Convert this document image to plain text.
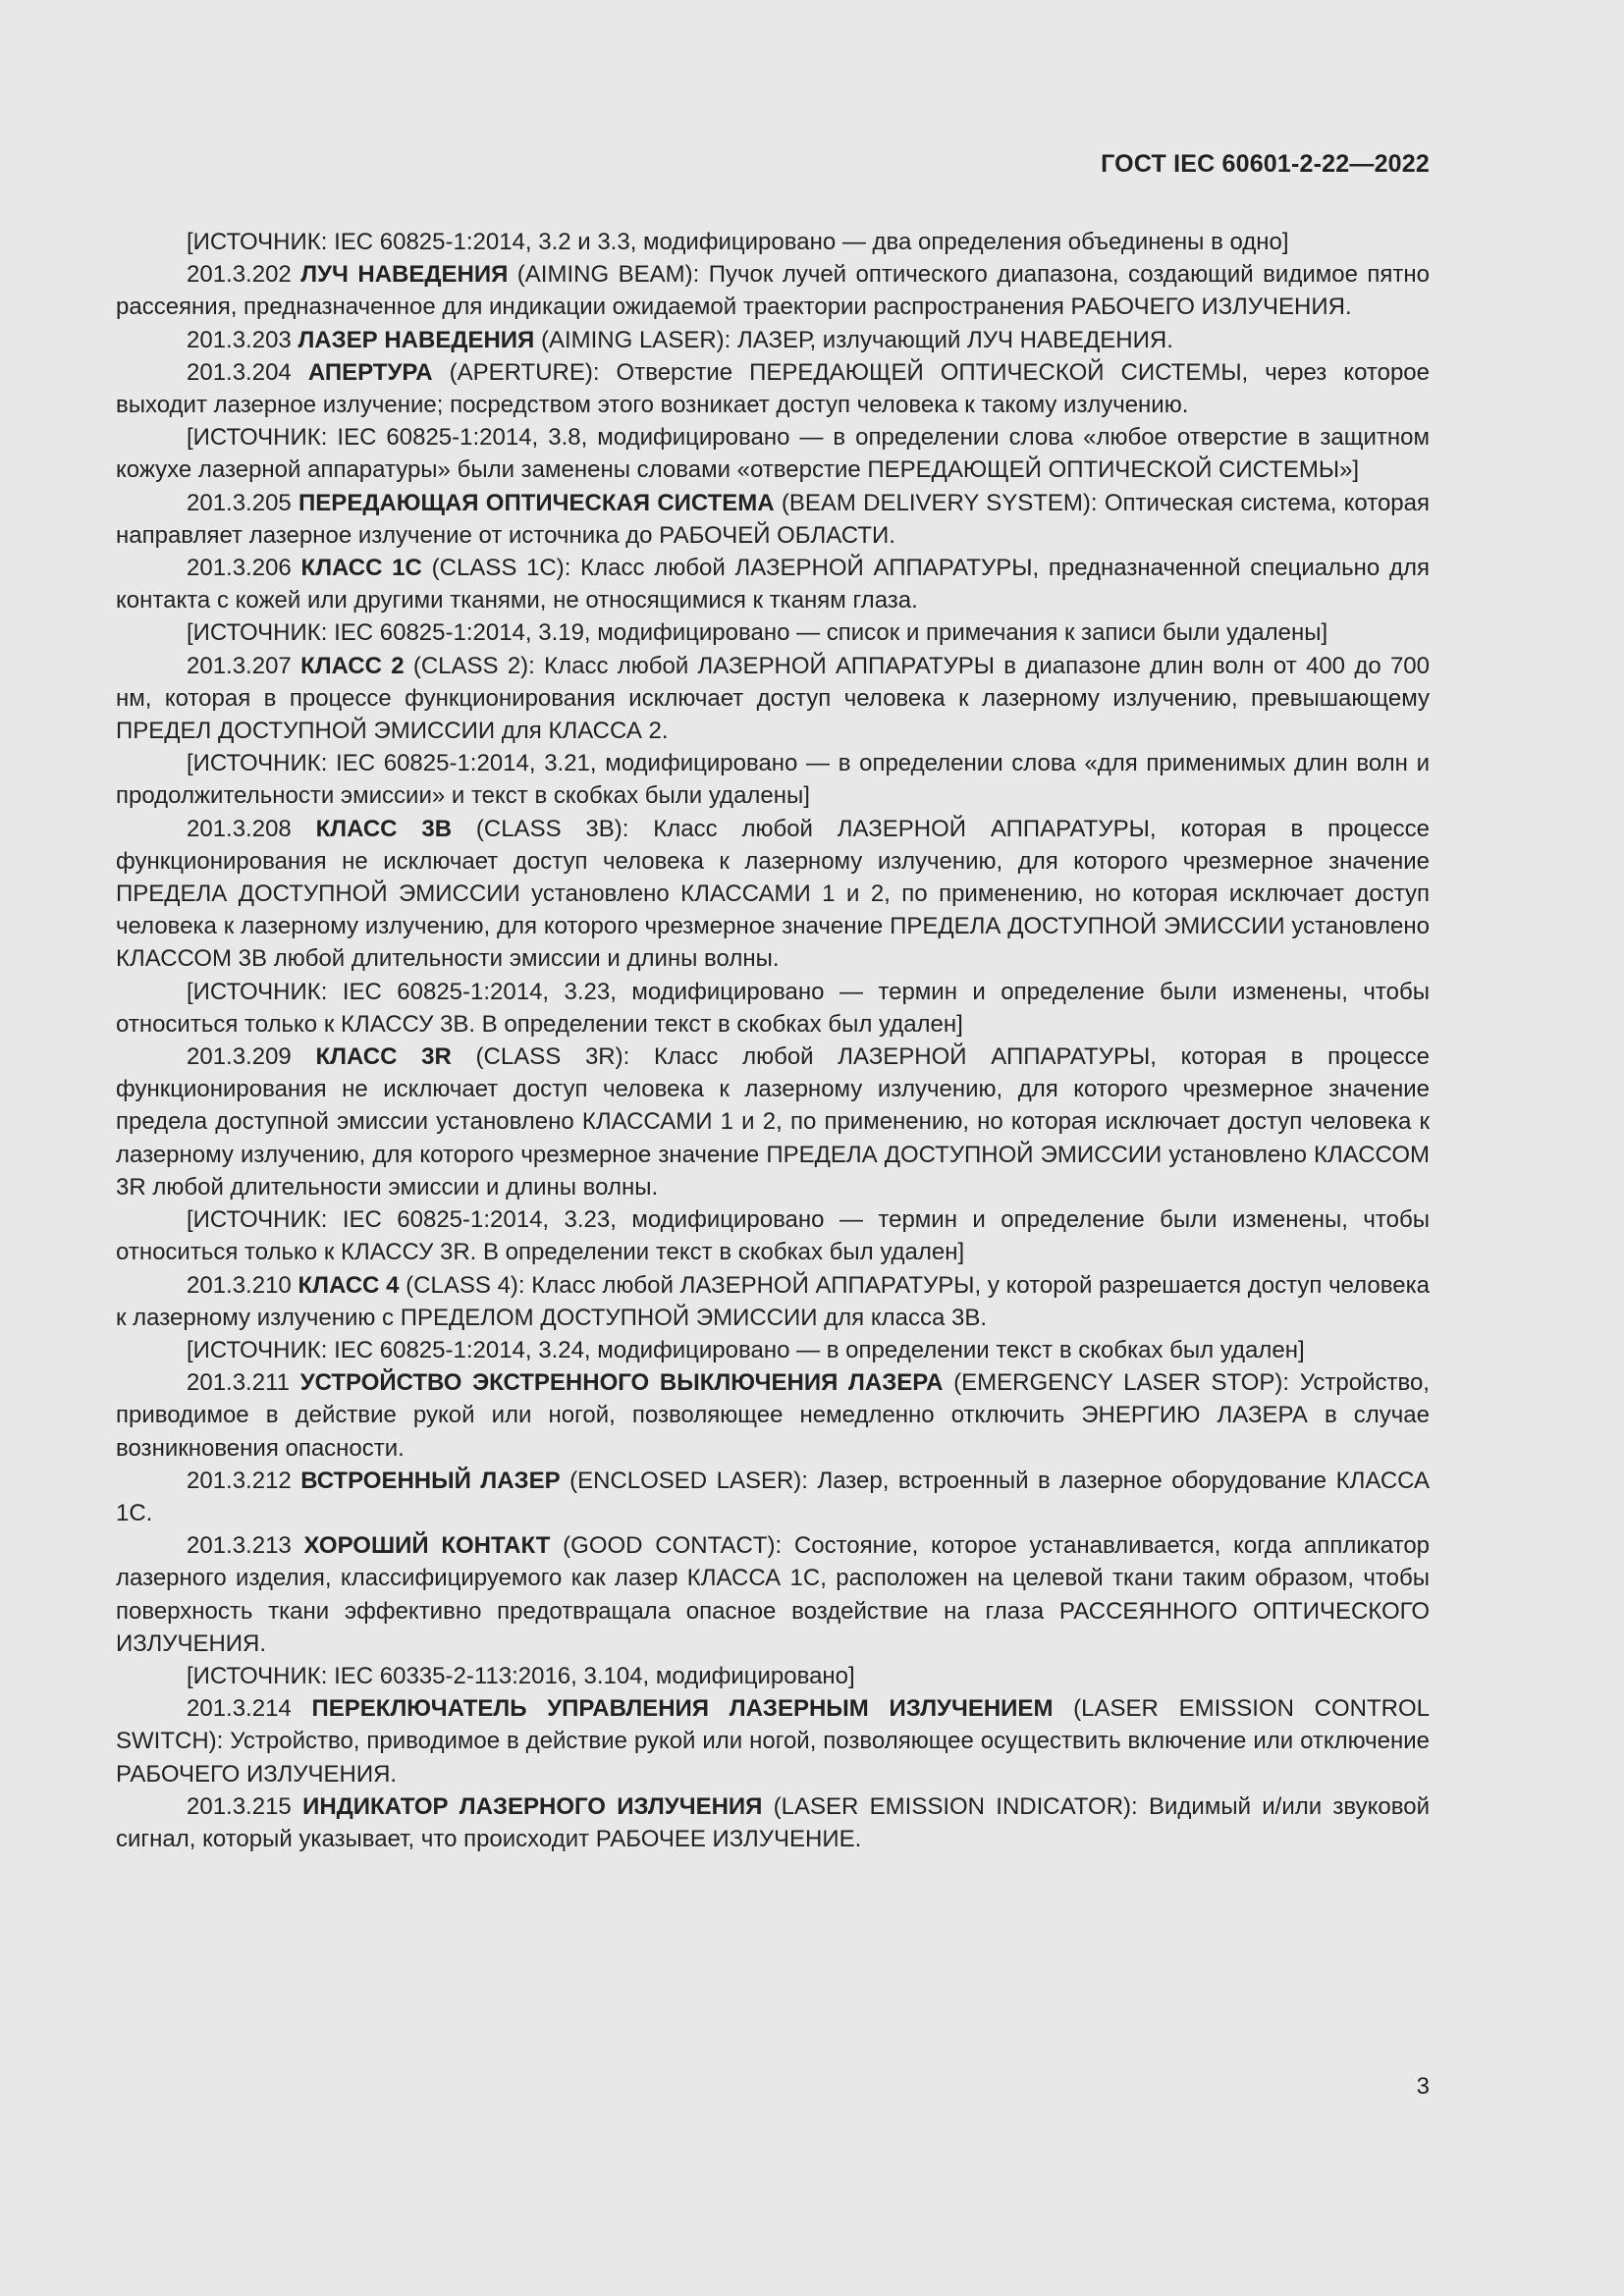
ГОСТ IEC 60601-2-22—2022

[ИСТОЧНИК: IEC 60825-1:2014, 3.2 и 3.3, модифицировано — два определения объединены в одно]

201.3.202 ЛУЧ НАВЕДЕНИЯ (AIMING BEAM): Пучок лучей оптического диапазона, создающий видимое пятно рассеяния, предназначенное для индикации ожидаемой траектории распространения РАБОЧЕГО ИЗЛУЧЕНИЯ.

201.3.203 ЛАЗЕР НАВЕДЕНИЯ (AIMING LASER): ЛАЗЕР, излучающий ЛУЧ НАВЕДЕНИЯ.

201.3.204 АПЕРТУРА (APERTURE): Отверстие ПЕРЕДАЮЩЕЙ ОПТИЧЕСКОЙ СИСТЕМЫ, через которое выходит лазерное излучение; посредством этого возникает доступ человека к такому излучению.

[ИСТОЧНИК: IEC 60825-1:2014, 3.8, модифицировано — в определении слова «любое отверстие в защитном кожухе лазерной аппаратуры» были заменены словами «отверстие ПЕРЕДАЮЩЕЙ ОПТИЧЕСКОЙ СИСТЕМЫ»]

201.3.205 ПЕРЕДАЮЩАЯ ОПТИЧЕСКАЯ СИСТЕМА (BEAM DELIVERY SYSTEM): Оптическая система, которая направляет лазерное излучение от источника до РАБОЧЕЙ ОБЛАСТИ.

201.3.206 КЛАСС 1C (CLASS 1C): Класс любой ЛАЗЕРНОЙ АППАРАТУРЫ, предназначенной специально для контакта с кожей или другими тканями, не относящимися к тканям глаза.

[ИСТОЧНИК: IEC 60825-1:2014, 3.19, модифицировано — список и примечания к записи были удалены]

201.3.207 КЛАСС 2 (CLASS 2): Класс любой ЛАЗЕРНОЙ АППАРАТУРЫ в диапазоне длин волн от 400 до 700 нм, которая в процессе функционирования исключает доступ человека к лазерному излучению, превышающему ПРЕДЕЛ ДОСТУПНОЙ ЭМИССИИ для КЛАССА 2.

[ИСТОЧНИК: IEC 60825-1:2014, 3.21, модифицировано — в определении слова «для применимых длин волн и продолжительности эмиссии» и текст в скобках были удалены]

201.3.208 КЛАСС 3В (CLASS 3B): Класс любой ЛАЗЕРНОЙ АППАРАТУРЫ, которая в процессе функционирования не исключает доступ человека к лазерному излучению, для которого чрезмерное значение ПРЕДЕЛА ДОСТУПНОЙ ЭМИССИИ установлено КЛАССАМИ 1 и 2, по применению, но которая исключает доступ человека к лазерному излучению, для которого чрезмерное значение ПРЕДЕЛА ДОСТУПНОЙ ЭМИССИИ установлено КЛАССОМ 3В любой длительности эмиссии и длины волны.

[ИСТОЧНИК: IEC 60825-1:2014, 3.23, модифицировано — термин и определение были изменены, чтобы относиться только к КЛАССУ 3В. В определении текст в скобках был удален]

201.3.209 КЛАСС 3R (CLASS 3R): Класс любой ЛАЗЕРНОЙ АППАРАТУРЫ, которая в процессе функционирования не исключает доступ человека к лазерному излучению, для которого чрезмерное значение предела доступной эмиссии установлено КЛАССАМИ 1 и 2, по применению, но которая исключает доступ человека к лазерному излучению, для которого чрезмерное значение ПРЕДЕЛА ДОСТУПНОЙ ЭМИССИИ установлено КЛАССОМ 3R любой длительности эмиссии и длины волны.

[ИСТОЧНИК: IEC 60825-1:2014, 3.23, модифицировано — термин и определение были изменены, чтобы относиться только к КЛАССУ 3R. В определении текст в скобках был удален]

201.3.210 КЛАСС 4 (CLASS 4): Класс любой ЛАЗЕРНОЙ АППАРАТУРЫ, у которой разрешается доступ человека к лазерному излучению с ПРЕДЕЛОМ ДОСТУПНОЙ ЭМИССИИ для класса 3В.

[ИСТОЧНИК: IEC 60825-1:2014, 3.24, модифицировано — в определении текст в скобках был удален]

201.3.211 УСТРОЙСТВО ЭКСТРЕННОГО ВЫКЛЮЧЕНИЯ ЛАЗЕРА (EMERGENCY LASER STOP): Устройство, приводимое в действие рукой или ногой, позволяющее немедленно отключить ЭНЕРГИЮ ЛАЗЕРА в случае возникновения опасности.

201.3.212 ВСТРОЕННЫЙ ЛАЗЕР (ENCLOSED LASER): Лазер, встроенный в лазерное оборудование КЛАССА 1C.

201.3.213 ХОРОШИЙ КОНТАКТ (GOOD CONTACT): Состояние, которое устанавливается, когда аппликатор лазерного изделия, классифицируемого как лазер КЛАССА 1C, расположен на целевой ткани таким образом, чтобы поверхность ткани эффективно предотвращала опасное воздействие на глаза РАССЕЯННОГО ОПТИЧЕСКОГО ИЗЛУЧЕНИЯ.

[ИСТОЧНИК: IEC 60335-2-113:2016, 3.104, модифицировано]

201.3.214 ПЕРЕКЛЮЧАТЕЛЬ УПРАВЛЕНИЯ ЛАЗЕРНЫМ ИЗЛУЧЕНИЕМ (LASER EMISSION CONTROL SWITCH): Устройство, приводимое в действие рукой или ногой, позволяющее осуществить включение или отключение РАБОЧЕГО ИЗЛУЧЕНИЯ.

201.3.215 ИНДИКАТОР ЛАЗЕРНОГО ИЗЛУЧЕНИЯ (LASER EMISSION INDICATOR): Видимый и/или звуковой сигнал, который указывает, что происходит РАБОЧЕЕ ИЗЛУЧЕНИЕ.

3
